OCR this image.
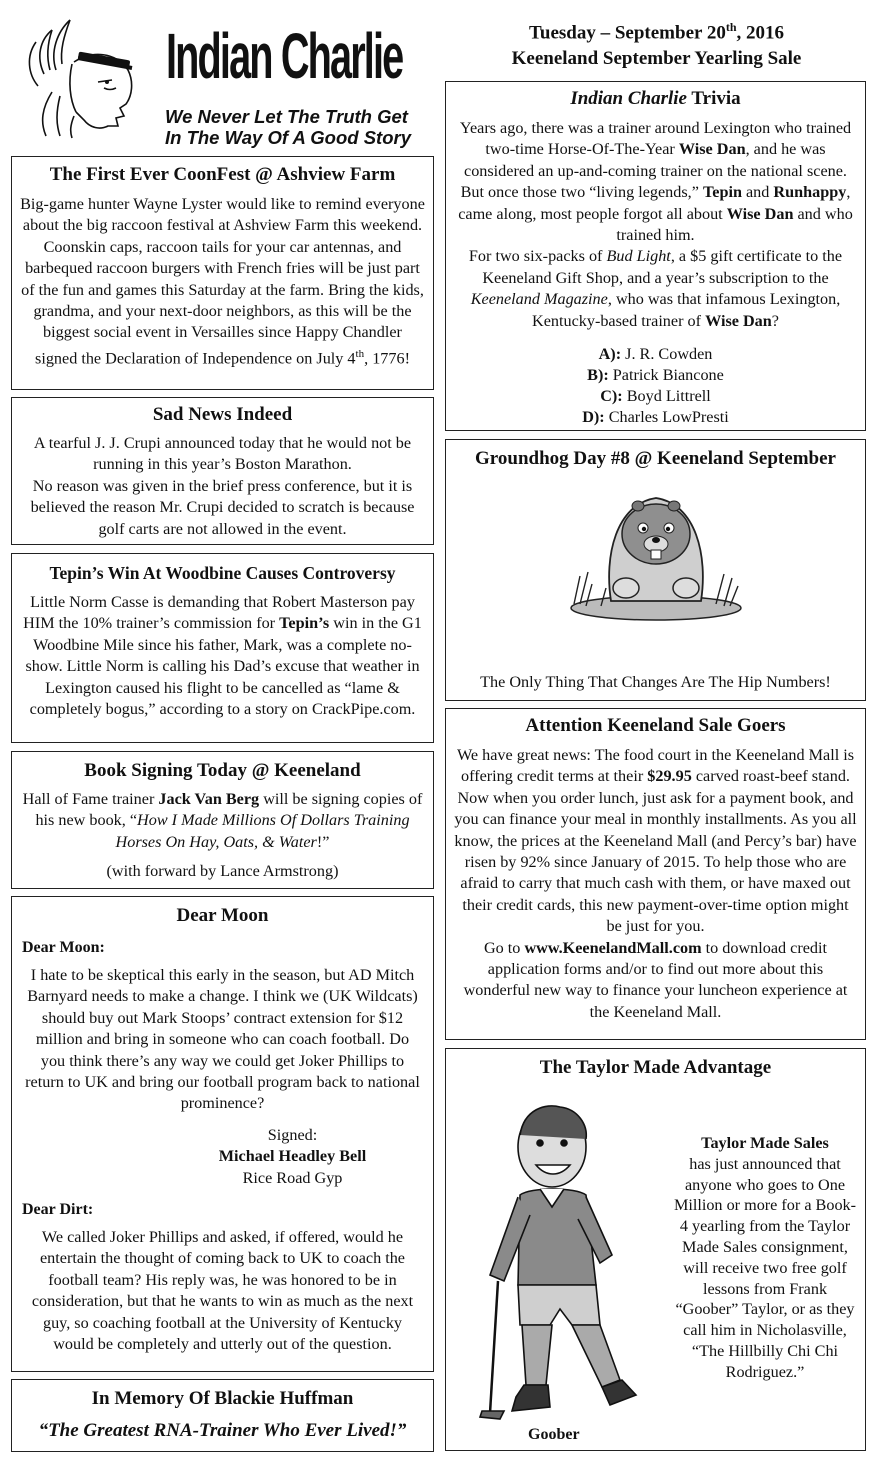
Indian Charlie
We Never Let The Truth Get
In The Way Of A Good Story
Tuesday – September 20th, 2016
Keeneland September Yearling Sale
The First Ever CoonFest @ Ashview Farm

Big-game hunter Wayne Lyster would like to remind everyone about the big raccoon festival at Ashview Farm this weekend. Coonskin caps, raccoon tails for your car antennas, and barbequed raccoon burgers with French fries will be just part of the fun and games this Saturday at the farm. Bring the kids, grandma, and your next-door neighbors, as this will be the biggest social event in Versailles since Happy Chandler signed the Declaration of Independence on July 4th, 1776!

Sad News Indeed

A tearful J. J. Crupi announced today that he would not be running in this year’s Boston Marathon.

No reason was given in the brief press conference, but it is believed the reason Mr. Crupi decided to scratch is because golf carts are not allowed in the event.

Tepin’s Win At Woodbine Causes Controversy

Little Norm Casse is demanding that Robert Masterson pay HIM the 10% trainer’s commission for Tepin’s win in the G1 Woodbine Mile since his father, Mark, was a complete no-show. Little Norm is calling his Dad’s excuse that weather in Lexington caused his flight to be cancelled as “lame & completely bogus,” according to a story on CrackPipe.com.

Book Signing Today @ Keeneland

Hall of Fame trainer Jack Van Berg will be signing copies of his new book, “How I Made Millions Of Dollars Training Horses On Hay, Oats, & Water!”

(with forward by Lance Armstrong)

Dear Moon
Dear Moon:

I hate to be skeptical this early in the season, but AD Mitch Barnyard needs to make a change. I think we (UK Wildcats) should buy out Mark Stoops’ contract extension for $12 million and bring in someone who can coach football. Do you think there’s any way we could get Joker Phillips to return to UK and bring our football program back to national prominence?

Signed:
Michael Headley Bell
Rice Road Gyp
Dear Dirt:

We called Joker Phillips and asked, if offered, would he entertain the thought of coming back to UK to coach the football team? His reply was, he was honored to be in consideration, but that he wants to win as much as the next guy, so coaching football at the University of Kentucky would be completely and utterly out of the question.

In Memory Of Blackie Huffman
“The Greatest RNA-Trainer Who Ever Lived!”
Indian Charlie Trivia

Years ago, there was a trainer around Lexington who trained two-time Horse-Of-The-Year Wise Dan, and he was considered an up-and-coming trainer on the national scene. But once those two “living legends,” Tepin and Runhappy, came along, most people forgot all about Wise Dan and who trained him.

For two six-packs of Bud Light, a $5 gift certificate to the Keeneland Gift Shop, and a year’s subscription to the Keeneland Magazine, who was that infamous Lexington, Kentucky-based trainer of Wise Dan?

A): J. R. Cowden
B): Patrick Biancone
C): Boyd Littrell
D): Charles LowPresti
Groundhog Day #8 @ Keeneland September
The Only Thing That Changes Are The Hip Numbers!
Attention Keeneland Sale Goers

We have great news: The food court in the Keeneland Mall is offering credit terms at their $29.95 carved roast-beef stand. Now when you order lunch, just ask for a payment book, and you can finance your meal in monthly installments. As you all know, the prices at the Keeneland Mall (and Percy’s bar) have risen by 92% since January of 2015. To help those who are afraid to carry that much cash with them, or have maxed out their credit cards, this new payment-over-time option might be just for you.

Go to www.KeenelandMall.com to download credit application forms and/or to find out more about this wonderful new way to finance your luncheon experience at the Keeneland Mall.

The Taylor Made Advantage
Taylor Made Sales
has just announced that anyone who goes to One Million or more for a Book-4 yearling from the Taylor Made Sales consignment, will receive two free golf lessons from Frank “Goober” Taylor, or as they call him in Nicholasville, “The Hillbilly Chi Chi Rodriguez.”
Goober
